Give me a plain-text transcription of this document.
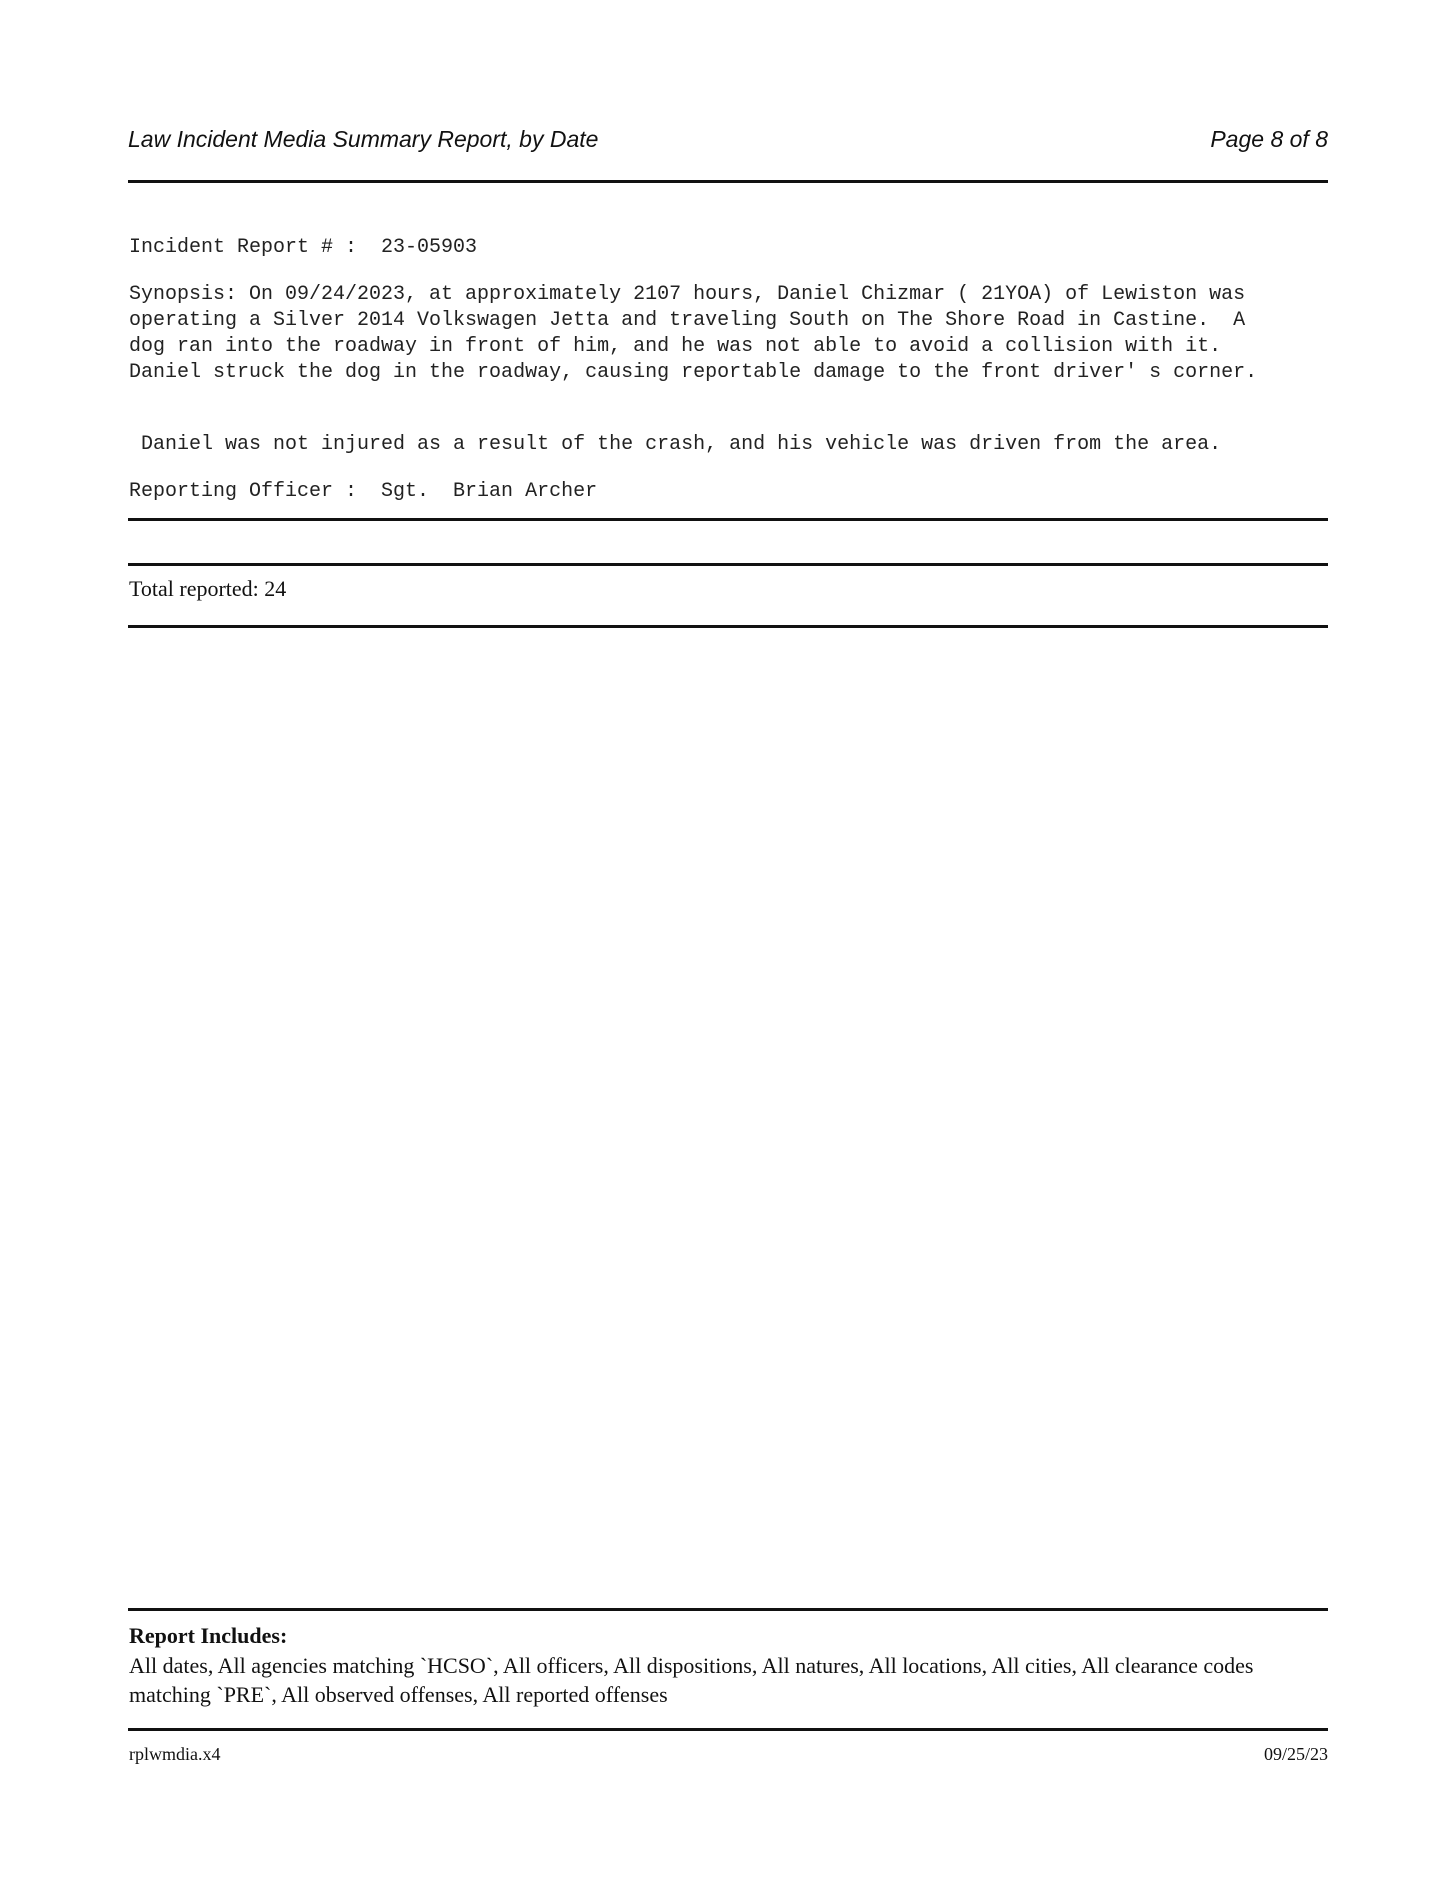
Law Incident Media Summary Report, by Date	Page 8 of 8
Incident Report # :  23-05903
Synopsis: On 09/24/2023, at approximately 2107 hours, Daniel Chizmar ( 21YOA) of Lewiston was
operating a Silver 2014 Volkswagen Jetta and traveling South on The Shore Road in Castine.  A
dog ran into the roadway in front of him, and he was not able to avoid a collision with it.
Daniel struck the dog in the roadway, causing reportable damage to the front driver' s corner.
Daniel was not injured as a result of the crash, and his vehicle was driven from the area.
Reporting Officer :  Sgt.  Brian Archer
Total reported: 24
Report Includes:
All dates, All agencies matching `HCSO`, All officers, All dispositions, All natures, All locations, All cities, All clearance codes matching `PRE`, All observed offenses, All reported offenses
rplwmdia.x4	09/25/23
